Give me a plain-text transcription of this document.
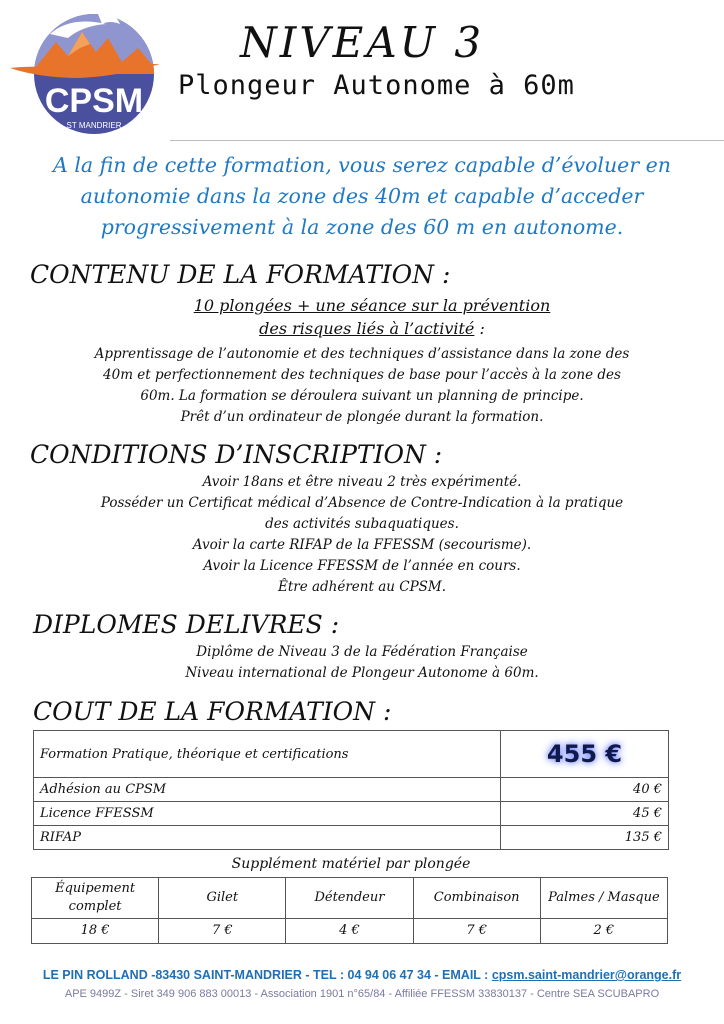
CPSM
ST MANDRIER
NIVEAU 3
Plongeur Autonome à 60m
A la fin de cette formation, vous serez capable d’évoluer en
autonomie dans la zone des 40m et capable d’acceder
progressivement à la zone des 60 m en autonome.
CONTENU DE LA FORMATION :
10 plongées + une séance sur la prévention
des risques liés à l’activité :
Apprentissage de l’autonomie et des techniques d’assistance dans la zone des
40m et perfectionnement des techniques de base pour l’accès à la zone des
60m. La formation se déroulera suivant un planning de principe.
Prêt d’un ordinateur de plongée durant la formation.
CONDITIONS D’INSCRIPTION :
Avoir 18ans et être niveau 2 très expérimenté.
Posséder un Certificat médical d’Absence de Contre-Indication à la pratique
des activités subaquatiques.
Avoir la carte RIFAP de la FFESSM (secourisme).
Avoir la Licence FFESSM de l’année en cours.
Être adhérent au CPSM.
DIPLOMES DELIVRES :
Diplôme de Niveau 3 de la Fédération Française
Niveau international de Plongeur Autonome à 60m.
COUT DE LA FORMATION :
Formation Pratique, théorique et certifications	455 €

Adhésion au CPSM	40 €
Licence FFESSM	45 €
RIFAP	135 €
Supplément matériel par plongée
Équipement complet	Gilet	Détendeur	Combinaison	Palmes / Masque
18 €	7 €	4 €	7 €	2 €
LE PIN ROLLAND -83430 SAINT-MANDRIER - TEL : 04 94 06 47 34 - EMAIL : cpsm.saint-mandrier@orange.fr
APE 9499Z - Siret 349 906 883 00013 - Association 1901 n°65/84 - Affiliée FFESSM 33830137 - Centre SEA SCUBAPRO
